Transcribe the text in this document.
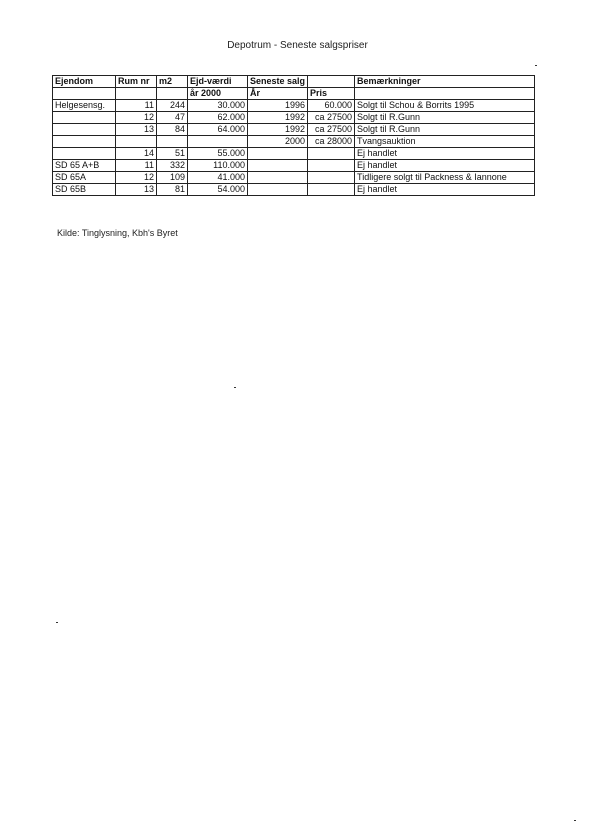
Depotrum - Seneste salgspriser
Ejendom	Rum nr	m2	Ejd-værdi	Seneste salg		Bemærkninger
			år 2000	År	Pris	
Helgesensg.	11	244	30.000	1996	60.000	Solgt til Schou & Borrits 1995
	12	47	62.000	1992	ca 27500	Solgt til R.Gunn
	13	84	64.000	1992	ca 27500	Solgt til R.Gunn
				2000	ca 28000	Tvangsauktion
	14	51	55.000			Ej handlet
SD 65 A+B	11	332	110.000			Ej handlet
SD 65A	12	109	41.000			Tidligere solgt til Packness & Iannone
SD 65B	13	81	54.000			Ej handlet
Kilde: Tinglysning, Kbh's Byret
